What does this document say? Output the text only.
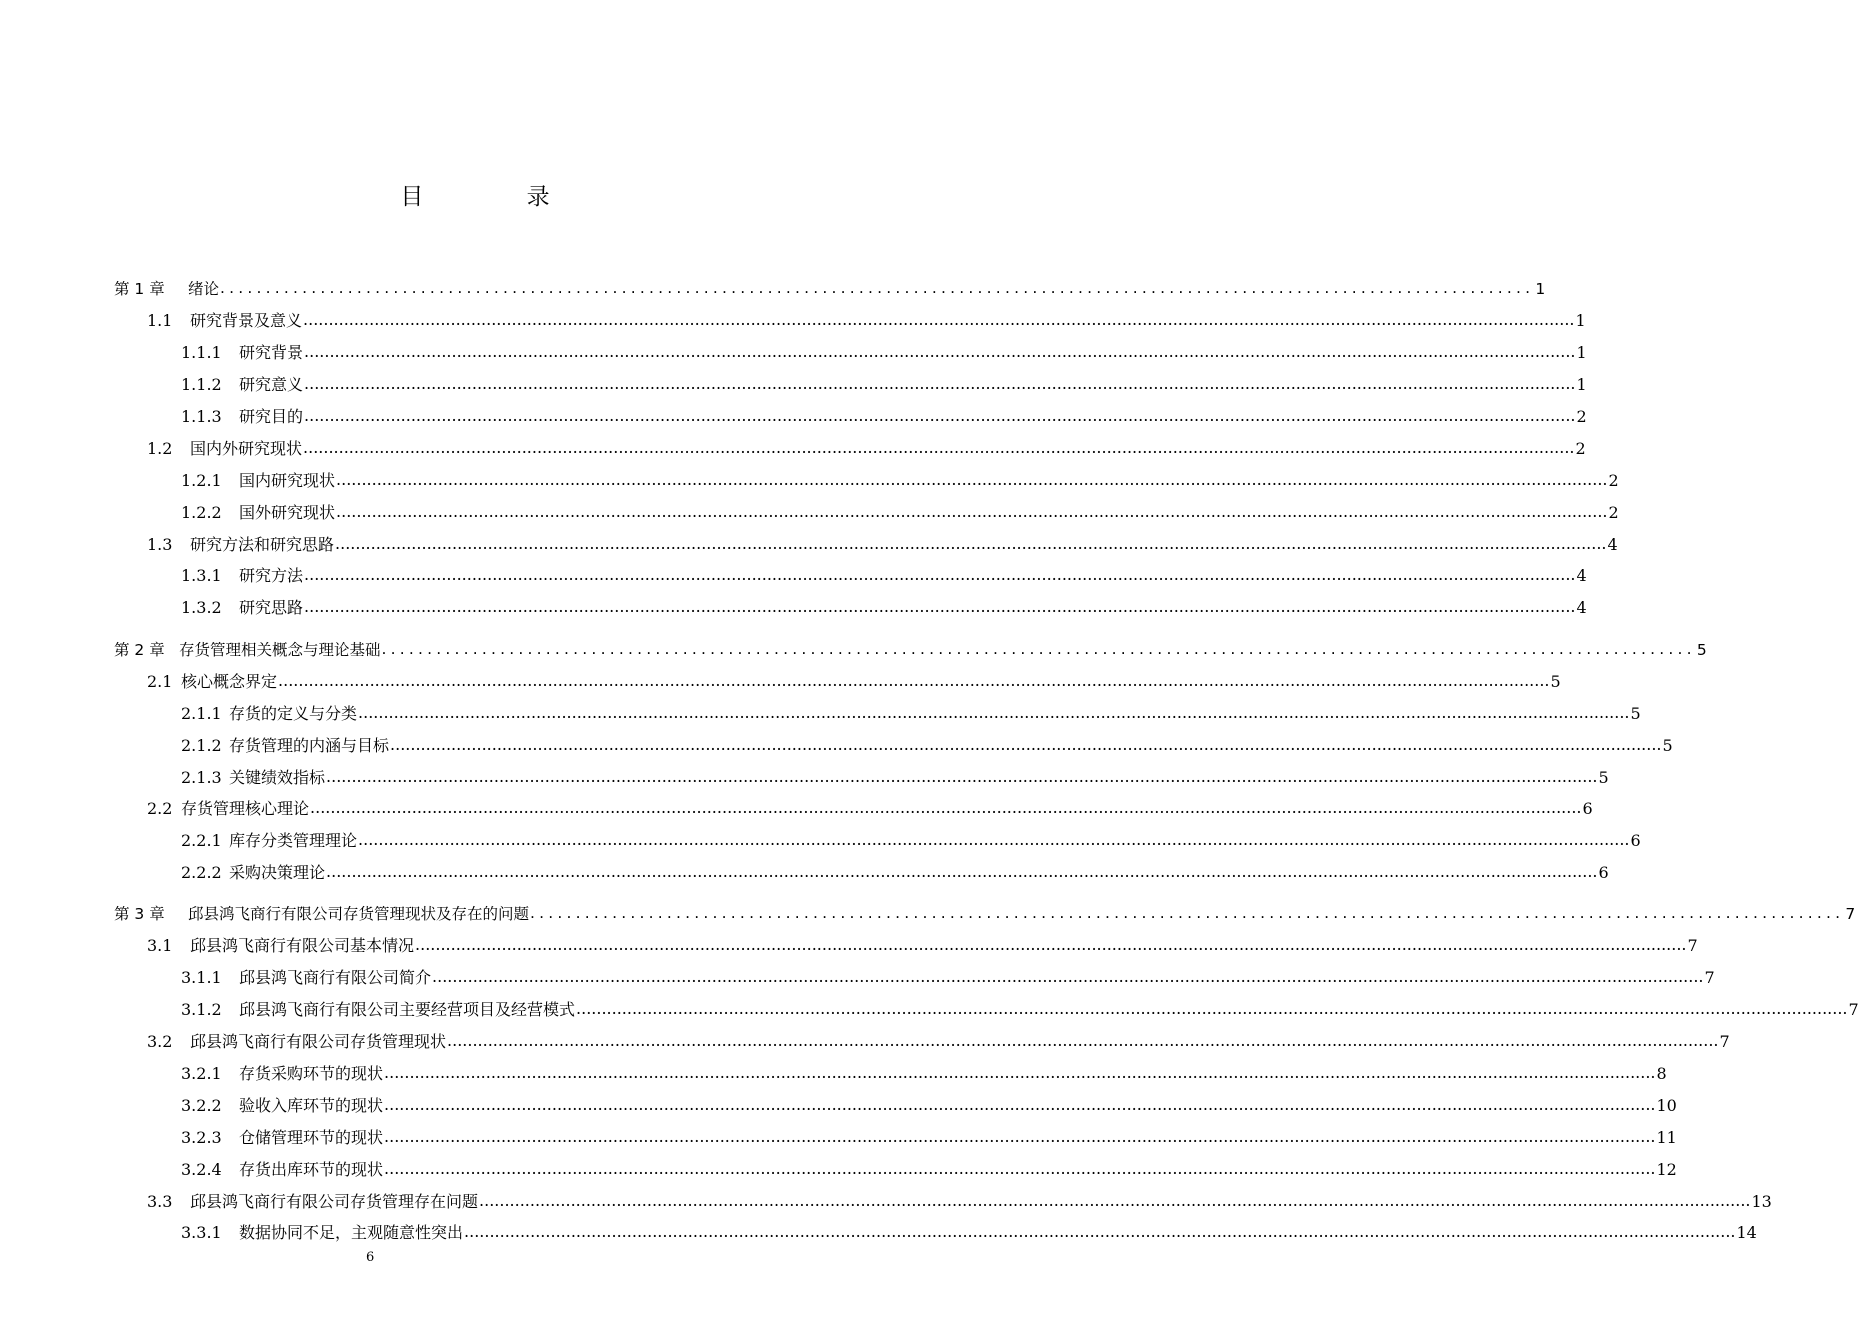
目 录
第 1 章	绪论 ................................................................................................................................................ 1
1.1	研究背景及意义 .......................................................................................................................................................................................................................................................... 1
1.1.1	研究背景 .......................................................................................................................................................................................................................................................... 1
1.1.2	研究意义 .......................................................................................................................................................................................................................................................... 1
1.1.3	研究目的 .......................................................................................................................................................................................................................................................... 2
1.2	国内外研究现状 .......................................................................................................................................................................................................................................................... 2
1.2.1	国内研究现状 .......................................................................................................................................................................................................................................................... 2
1.2.2	国外研究现状 .......................................................................................................................................................................................................................................................... 2
1.3	研究方法和研究思路 .......................................................................................................................................................................................................................................................... 4
1.3.1	研究方法 .......................................................................................................................................................................................................................................................... 4
1.3.2	研究思路 .......................................................................................................................................................................................................................................................... 4
第 2 章 存货管理相关概念与理论基础 ................................................................................................................................................ 5
2.1 核心概念界定 .......................................................................................................................................................................................................................................................... 5
2.1.1 存货的定义与分类 .......................................................................................................................................................................................................................................................... 5
2.1.2 存货管理的内涵与目标 .......................................................................................................................................................................................................................................................... 5
2.1.3 关键绩效指标 .......................................................................................................................................................................................................................................................... 5
2.2 存货管理核心理论 .......................................................................................................................................................................................................................................................... 6
2.2.1 库存分类管理理论 .......................................................................................................................................................................................................................................................... 6
2.2.2 采购决策理论 .......................................................................................................................................................................................................................................................... 6
第 3 章	邱县鸿飞商行有限公司存货管理现状及存在的问题 ................................................................................................................................................ 7
3.1	邱县鸿飞商行有限公司基本情况 .......................................................................................................................................................................................................................................................... 7
3.1.1	邱县鸿飞商行有限公司简介 .......................................................................................................................................................................................................................................................... 7
3.1.2	邱县鸿飞商行有限公司主要经营项目及经营模式 .......................................................................................................................................................................................................................................................... 7
3.2	邱县鸿飞商行有限公司存货管理现状 .......................................................................................................................................................................................................................................................... 7
3.2.1	存货采购环节的现状 .......................................................................................................................................................................................................................................................... 8
3.2.2	验收入库环节的现状 .......................................................................................................................................................................................................................................................... 10
3.2.3	仓储管理环节的现状 .......................................................................................................................................................................................................................................................... 11
3.2.4	存货出库环节的现状 .......................................................................................................................................................................................................................................................... 12
3.3	邱县鸿飞商行有限公司存货管理存在问题 .......................................................................................................................................................................................................................................................... 13
3.3.1	数据协同不足，主观随意性突出 .......................................................................................................................................................................................................................................................... 14
6
